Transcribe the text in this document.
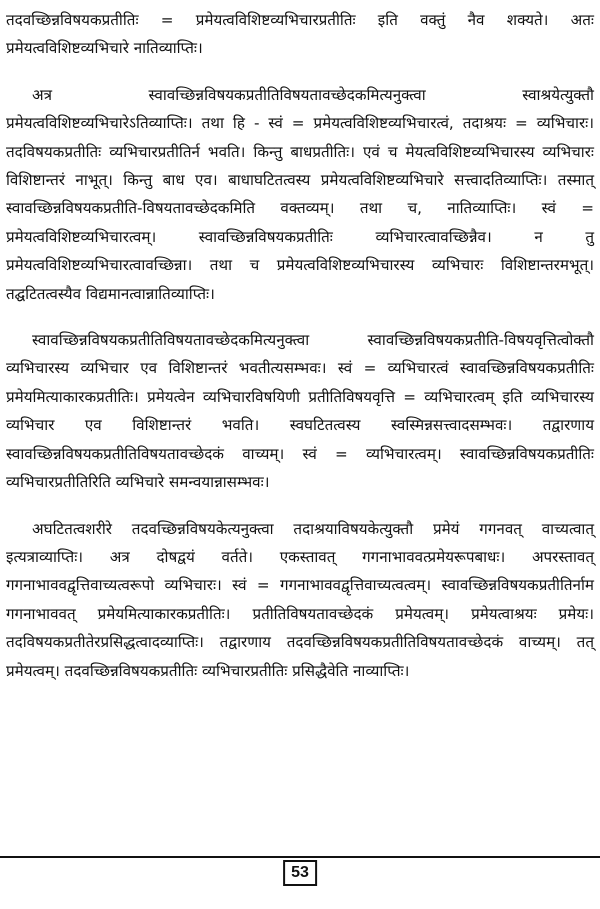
तदवच्छिन्नविषयकप्रतीतिः = प्रमेयत्वविशिष्टव्यभिचारप्रतीतिः इति वक्तुं नैव शक्यते। अतः प्रमेयत्वविशिष्टव्यभिचारे नातिव्याप्तिः।

अत्र स्वावच्छिन्नविषयकप्रतीतिविषयतावच्छेदकमित्यनुक्त्वा स्वाश्रयेत्युक्तौ प्रमेयत्वविशिष्टव्यभिचारेऽतिव्याप्तिः। तथा हि - स्वं = प्रमेयत्वविशिष्टव्यभिचारत्वं, तदाश्रयः = व्यभिचारः। तदविषयकप्रतीतिः व्यभिचारप्रतीतिर्न भवति। किन्तु बाधप्रतीतिः। एवं च मेयत्वविशिष्टव्यभिचारस्य व्यभिचारः विशिष्टान्तरं नाभूत्। किन्तु बाध एव। बाधाघटितत्वस्य प्रमेयत्वविशिष्टव्यभिचारे सत्त्वादतिव्याप्तिः। तस्मात् स्वावच्छिन्नविषयकप्रतीति-विषयतावच्छेदकमिति वक्तव्यम्। तथा च, नातिव्याप्तिः। स्वं = प्रमेयत्वविशिष्टव्यभिचारत्वम्। स्वावच्छिन्नविषयकप्रतीतिः व्यभिचारत्वावच्छिन्नैव। न तु प्रमेयत्वविशिष्टव्यभिचारत्वावच्छिन्ना। तथा च प्रमेयत्वविशिष्टव्यभिचारस्य व्यभिचारः विशिष्टान्तरमभूत्। तद्घटितत्वस्यैव विद्यमानत्वान्नातिव्याप्तिः।

स्वावच्छिन्नविषयकप्रतीतिविषयतावच्छेदकमित्यनुक्त्वा स्वावच्छिन्नविषयकप्रतीति-विषयवृत्तित्वोक्तौ व्यभिचारस्य व्यभिचार एव विशिष्टान्तरं भवतीत्यसम्भवः। स्वं = व्यभिचारत्वं स्वावच्छिन्नविषयकप्रतीतिः प्रमेयमित्याकारकप्रतीतिः। प्रमेयत्वेन व्यभिचारविषयिणी प्रतीतिविषयवृत्ति = व्यभिचारत्वम् इति व्यभिचारस्य व्यभिचार एव विशिष्टान्तरं भवति। स्वघटितत्वस्य स्वस्मिन्नसत्त्वादसम्भवः। तद्वारणाय स्वावच्छिन्नविषयकप्रतीतिविषयतावच्छेदकं वाच्यम्। स्वं = व्यभिचारत्वम्। स्वावच्छिन्नविषयकप्रतीतिः व्यभिचारप्रतीतिरिति व्यभिचारे समन्वयान्नासम्भवः।

अघटितत्वशरीरे तदवच्छिन्नविषयकेत्यनुक्त्वा तदाश्रयाविषयकेत्युक्तौ प्रमेयं गगनवत् वाच्यत्वात् इत्यत्राव्याप्तिः। अत्र दोषद्वयं वर्तते। एकस्तावत् गगनाभाववत्प्रमेयरूपबाधः। अपरस्तावत् गगनाभाववद्वृत्तिवाच्यत्वरूपो व्यभिचारः। स्वं = गगनाभाववद्वृत्तिवाच्यत्वत्वम्। स्वावच्छिन्नविषयकप्रतीतिर्नाम गगनाभाववत् प्रमेयमित्याकारकप्रतीतिः। प्रतीतिविषयतावच्छेदकं प्रमेयत्वम्। प्रमेयत्वाश्रयः प्रमेयः। तदविषयकप्रतीतेरप्रसिद्धत्वादव्याप्तिः। तद्वारणाय तदवच्छिन्नविषयकप्रतीतिविषयतावच्छेदकं वाच्यम्। तत् प्रमेयत्वम्। तदवच्छिन्नविषयकप्रतीतिः व्यभिचारप्रतीतिः प्रसिद्धैवेति नाव्याप्तिः।

53
